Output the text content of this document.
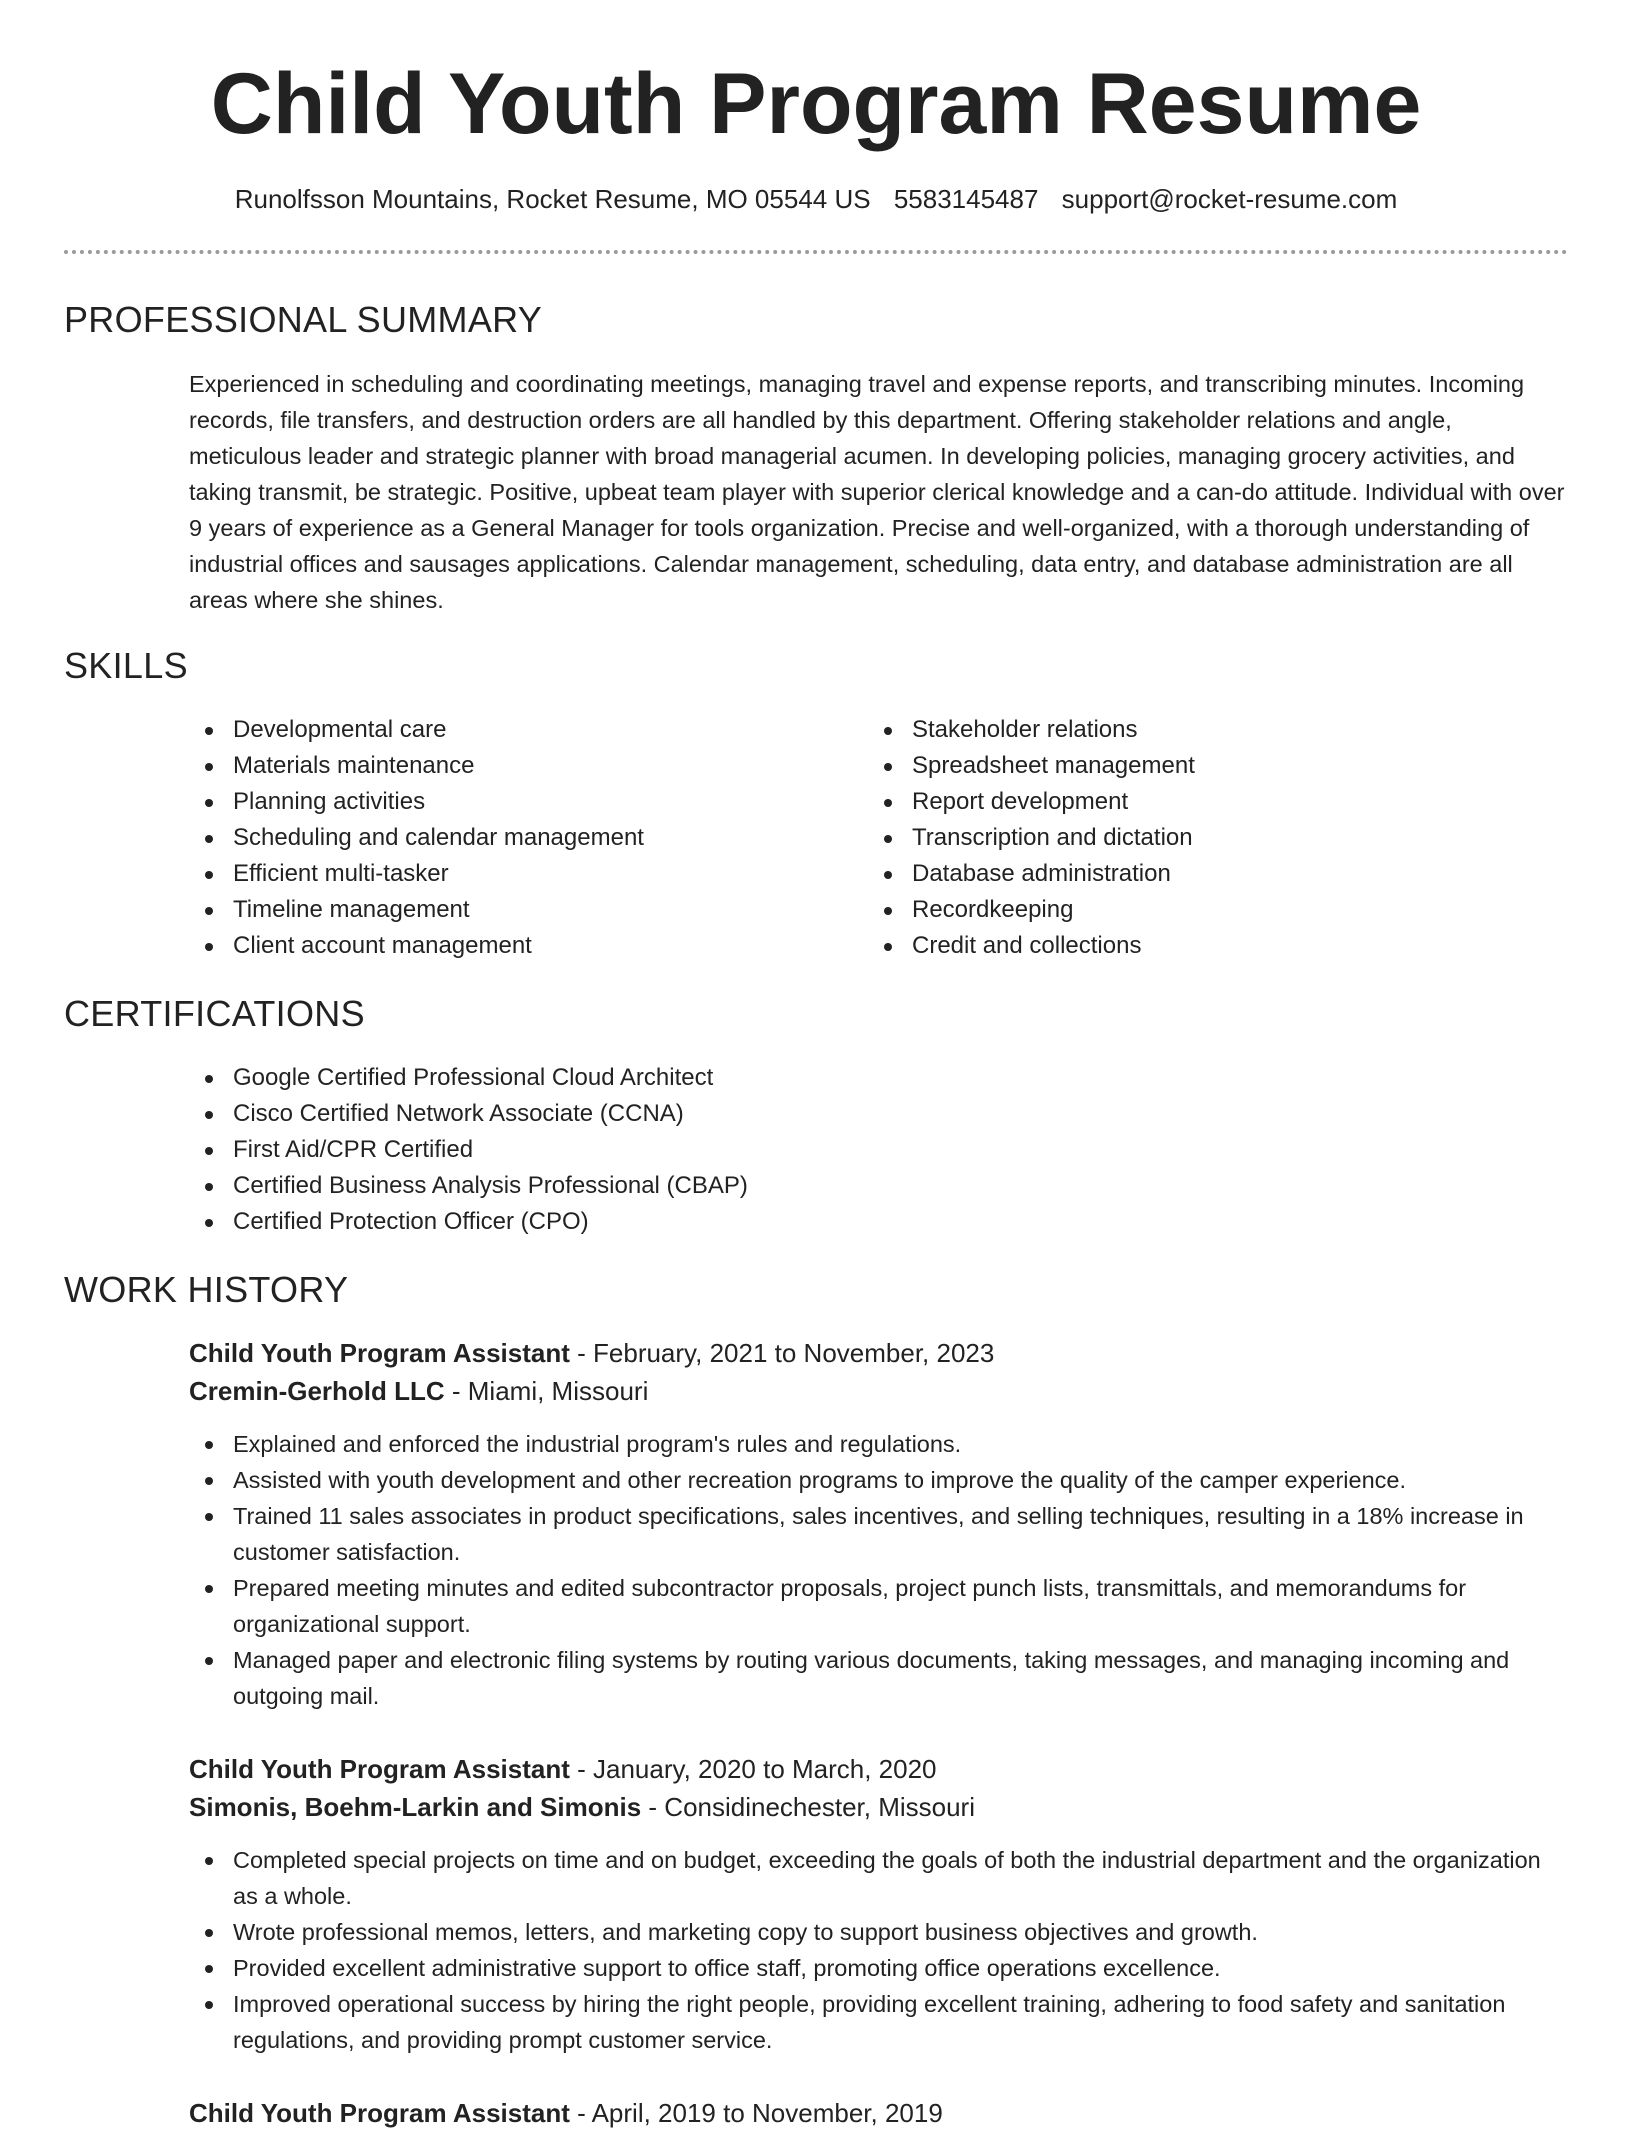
Child Youth Program Resume
Runolfsson Mountains, Rocket Resume, MO 05544 US 5583145487 support@rocket-resume.com
PROFESSIONAL SUMMARY

Experienced in scheduling and coordinating meetings, managing travel and expense reports, and transcribing minutes. Incoming records, file transfers, and destruction orders are all handled by this department. Offering stakeholder relations and angle, meticulous leader and strategic planner with broad managerial acumen. In developing policies, managing grocery activities, and taking transmit, be strategic. Positive, upbeat team player with superior clerical knowledge and a can-do attitude. Individual with over 9 years of experience as a General Manager for tools organization. Precise and well-organized, with a thorough understanding of industrial offices and sausages applications. Calendar management, scheduling, data entry, and database administration are all areas where she shines.

SKILLS
Developmental care
Materials maintenance
Planning activities
Scheduling and calendar management
Efficient multi-tasker
Timeline management
Client account management
Stakeholder relations
Spreadsheet management
Report development
Transcription and dictation
Database administration
Recordkeeping
Credit and collections
CERTIFICATIONS
Google Certified Professional Cloud Architect
Cisco Certified Network Associate (CCNA)
First Aid/CPR Certified
Certified Business Analysis Professional (CBAP)
Certified Protection Officer (CPO)
WORK HISTORY
Child Youth Program Assistant - February, 2021 to November, 2023
Cremin-Gerhold LLC - Miami, Missouri
Explained and enforced the industrial program's rules and regulations.
Assisted with youth development and other recreation programs to improve the quality of the camper experience.
Trained 11 sales associates in product specifications, sales incentives, and selling techniques, resulting in a 18% increase in customer satisfaction.
Prepared meeting minutes and edited subcontractor proposals, project punch lists, transmittals, and memorandums for organizational support.
Managed paper and electronic filing systems by routing various documents, taking messages, and managing incoming and outgoing mail.
Child Youth Program Assistant - January, 2020 to March, 2020
Simonis, Boehm-Larkin and Simonis - Considinechester, Missouri
Completed special projects on time and on budget, exceeding the goals of both the industrial department and the organization as a whole.
Wrote professional memos, letters, and marketing copy to support business objectives and growth.
Provided excellent administrative support to office staff, promoting office operations excellence.
Improved operational success by hiring the right people, providing excellent training, adhering to food safety and sanitation regulations, and providing prompt customer service.
Child Youth Program Assistant - April, 2019 to November, 2019
